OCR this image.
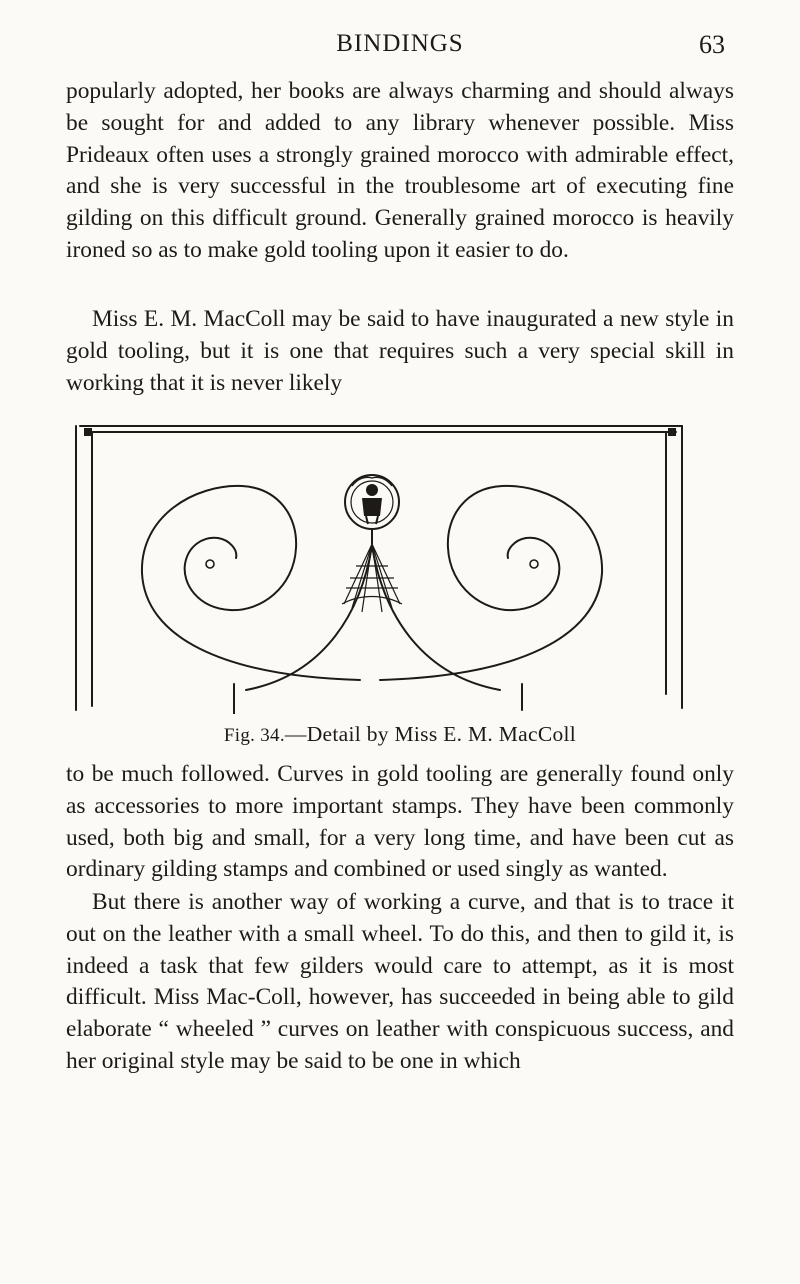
BINDINGS	63

popularly adopted, her books are always charming and should always be sought for and added to any library whenever possible. Miss Prideaux often uses a strongly grained morocco with admirable effect, and she is very successful in the troublesome art of executing fine gilding on this difficult ground. Generally grained morocco is heavily ironed so as to make gold tooling upon it easier to do.

Miss E. M. MacColl may be said to have inaugurated a new style in gold tooling, but it is one that requires such a very special skill in working that it is never likely

Fig. 34.—Detail by Miss E. M. MacColl

to be much followed. Curves in gold tooling are generally found only as accessories to more important stamps. They have been commonly used, both big and small, for a very long time, and have been cut as ordinary gilding stamps and combined or used singly as wanted.

But there is another way of working a curve, and that is to trace it out on the leather with a small wheel. To do this, and then to gild it, is indeed a task that few gilders would care to attempt, as it is most difficult. Miss Mac-Coll, however, has succeeded in being able to gild elaborate “ wheeled ” curves on leather with conspicuous success, and her original style may be said to be one in which
